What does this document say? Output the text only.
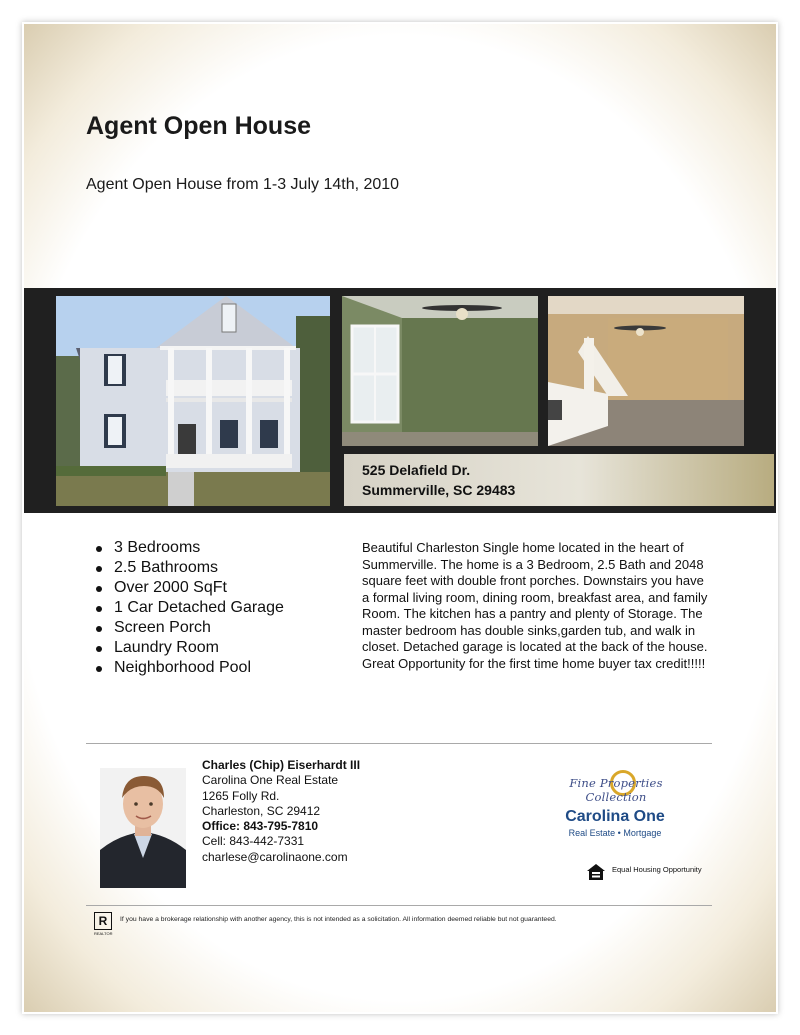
Agent Open House

Agent Open House from 1-3 July 14th, 2010

525 Delafield Dr.

Summerville, SC 29483

3 Bedrooms
2.5 Bathrooms
Over 2000 SqFt
1 Car Detached Garage
Screen Porch
Laundry Room
Neighborhood Pool

Beautiful Charleston Single home located in the heart of Summerville. The home is a 3 Bedroom, 2.5 Bath and 2048 square feet with double front porches. Downstairs you have a formal living room, dining room, breakfast area, and family Room. The kitchen has a pantry and plenty of Storage. The master bedroom has double sinks,garden tub, and walk in closet. Detached garage is located at the back of the house. Great Opportunity for the first time home buyer tax credit!!!!!

Charles (Chip) Eiserhardt III
Carolina One Real Estate
1265 Folly Rd.
Charleston, SC 29412
Office: 843-795-7810
Cell: 843-442-7331
charlese@carolinaone.com
Fine Properties Collection
Carolina One
Real Estate • Mortgage
Equal Housing Opportunity
R
REALTOR

If you have a brokerage relationship with another agency, this is not intended as a solicitation. All information deemed reliable but not guaranteed.
